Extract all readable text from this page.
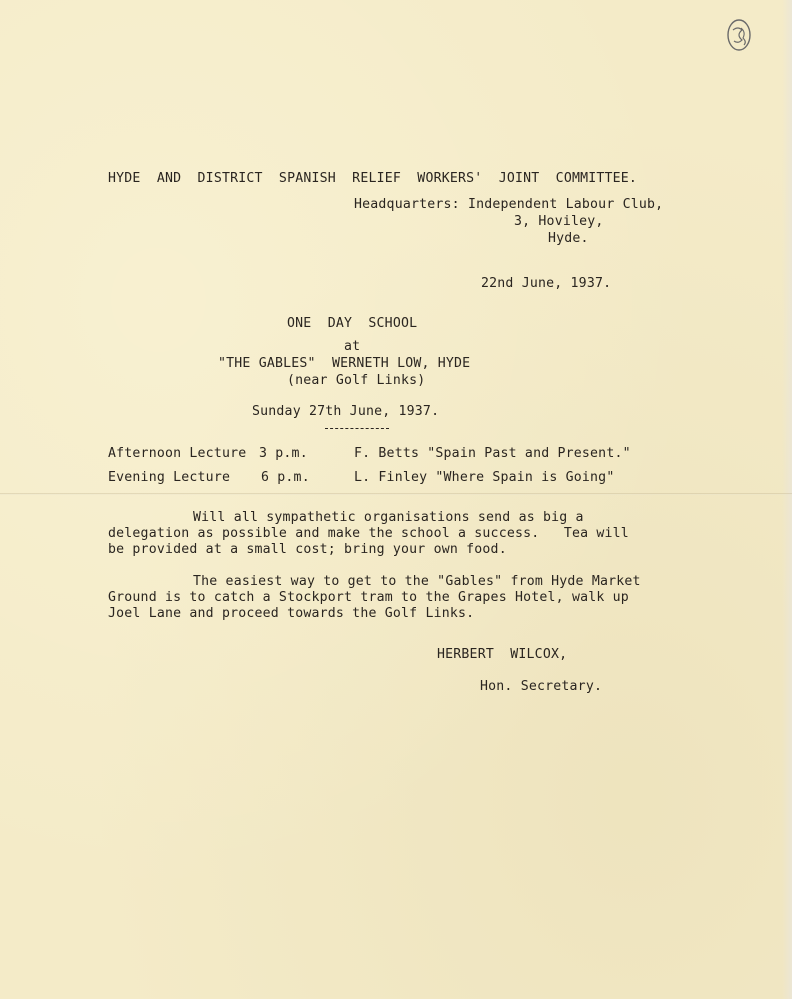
HYDE  AND  DISTRICT  SPANISH  RELIEF  WORKERS'  JOINT  COMMITTEE.
Headquarters: Independent Labour Club,
3, Hoviley,
Hyde.
22nd June, 1937.
ONE  DAY  SCHOOL
at
"THE GABLES"  WERNETH LOW, HYDE
(near Golf Links)
Sunday 27th June, 1937.
Afternoon Lecture 3 p.m.	F. Betts "Spain Past and Present."
Evening Lecture 6 p.m.	L. Finley "Where Spain is Going"
Will all sympathetic organisations send as big a
delegation as possible and make the school a success.   Tea will
be provided at a small cost; bring your own food.
The easiest way to get to the "Gables" from Hyde Market
Ground is to catch a Stockport tram to the Grapes Hotel, walk up
Joel Lane and proceed towards the Golf Links.
HERBERT  WILCOX,
Hon. Secretary.
